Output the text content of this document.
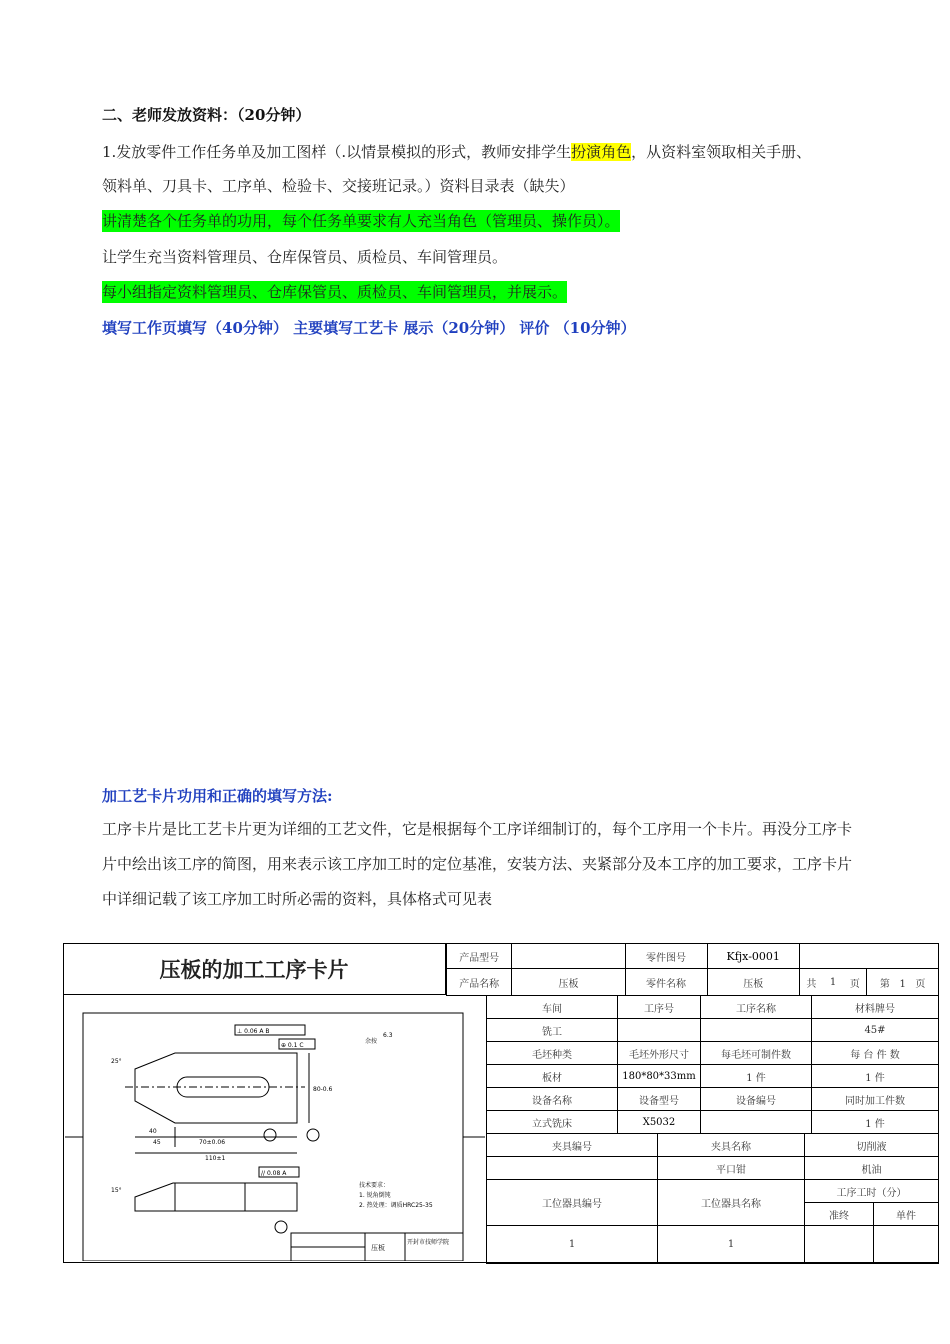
二、老师发放资料：（20分钟）
1.发放零件工作任务单及加工图样（.以情景模拟的形式，教师安排学生扮演角色，从资料室领取相关手册、
领料单、刀具卡、工序单、检验卡、交接班记录。）资料目录表（缺失）
讲清楚各个任务单的功用，每个任务单要求有人充当角色（管理员、操作员）。
让学生充当资料管理员、仓库保管员、质检员、车间管理员。
每小组指定资料管理员、仓库保管员、质检员、车间管理员，并展示。
填写工作页填写（40分钟） 主要填写工艺卡 展示（20分钟） 评价 （10分钟）
加工艺卡片功用和正确的填写方法:
工序卡片是比工艺卡片更为详细的工艺文件，它是根据每个工序详细制订的，每个工序用一个卡片。再没分工序卡片中绘出该工序的简图，用来表示该工序加工时的定位基准，安装方法、夹紧部分及本工序的加工要求，工序卡片中详细记载了该工序加工时所必需的资料，具体格式可见表
压板的加工工序卡片	产品型号		零件图号	Kfjx-0001				
产品名称	压板	零件名称	压板	共	1	页	第 1 页
车间	工序号	工序名称	材料牌号
铣工			45#
毛坯种类	毛坯外形尺寸	每毛坯可制件数	每 台 件 数
板材	180*80*33mm	1 件	1 件
设备名称	设备型号	设备编号	同时加工件数
立式铣床	X5032		1 件
夹具编号	夹具名称	切削液	
	平口钳	机油	
工位器具编号	工位器具名称	工序工时（分）	
		准终	单件
1	1		
⊥ 0.06 A B
⊕ 0.1 C
// 0.08 A
余按
6.3
25°
15°
40
45	70±0.06
110±1
80-0.6
技术要求：
1. 锐角倒钝
2. 热处理：调质HRC25-35
压板
开封市技师学院
